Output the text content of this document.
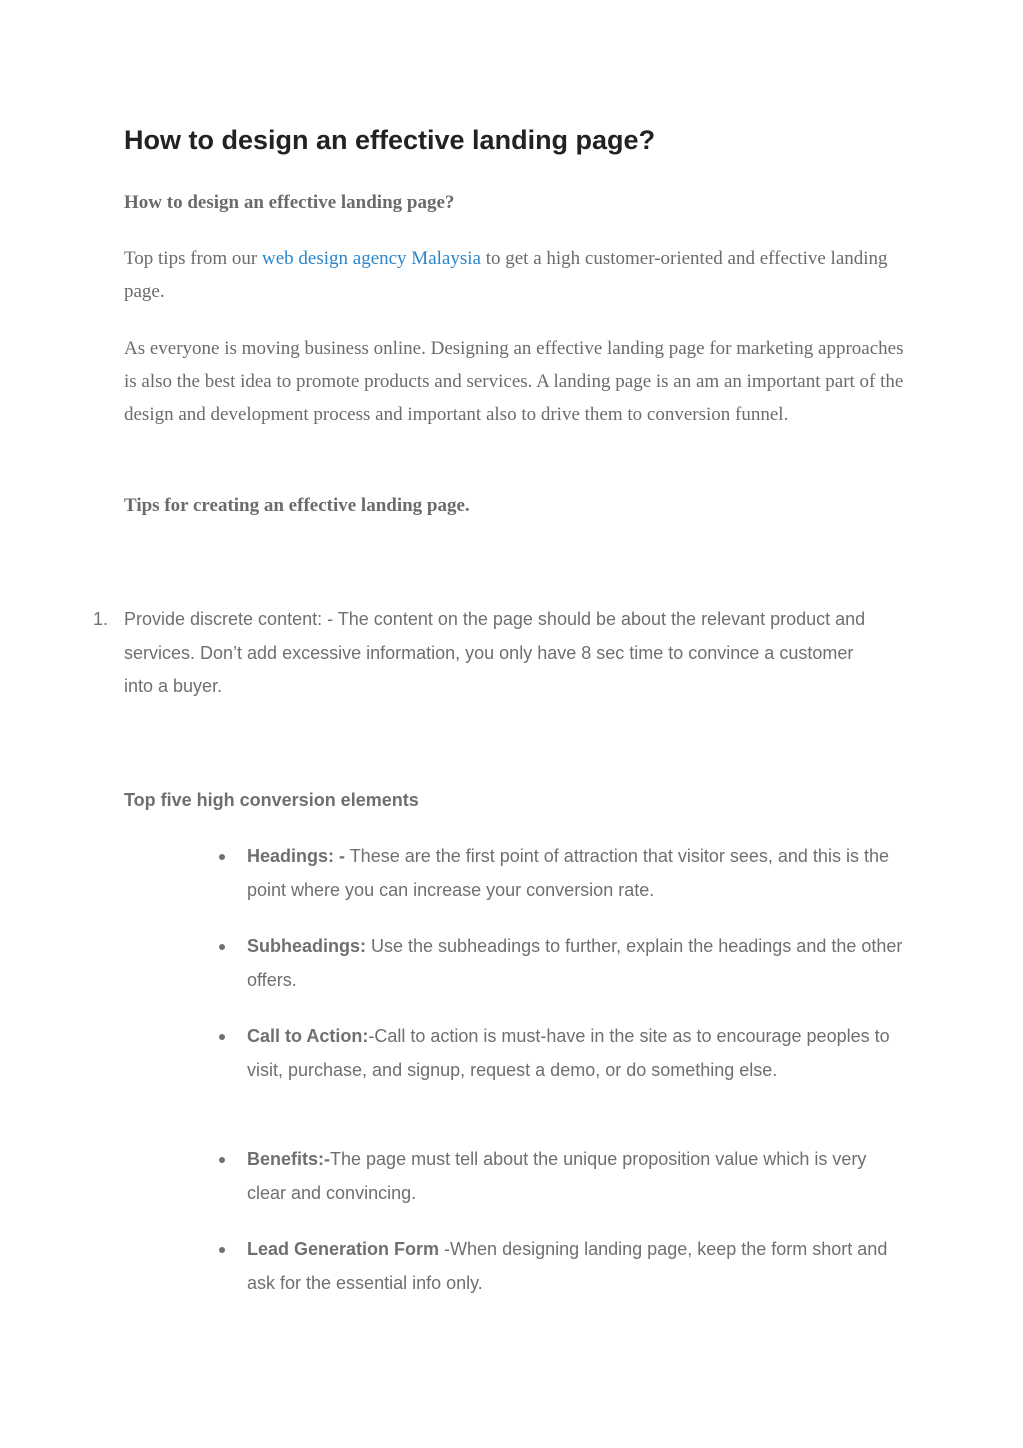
How to design an effective landing page?

How to design an effective landing page?

Top tips from our web design agency Malaysia to get a high customer-oriented and effective landing page.

As everyone is moving business online. Designing an effective landing page for marketing approaches is also the best idea to promote products and services. A landing page is an am an important part of the design and development process and important also to drive them to conversion funnel.

Tips for creating an effective landing page.

1. Provide discrete content: - The content on the page should be about the relevant product and services. Don’t add excessive information, you only have 8 sec time to convince a customer into a buyer.

Top five high conversion elements

Headings: - These are the first point of attraction that visitor sees, and this is the point where you can increase your conversion rate.
Subheadings: Use the subheadings to further, explain the headings and the other offers.
Call to Action:-Call to action is must-have in the site as to encourage peoples to visit, purchase, and signup, request a demo, or do something else.
Benefits:-The page must tell about the unique proposition value which is very clear and convincing.
Lead Generation Form -When designing landing page, keep the form short and ask for the essential info only.
